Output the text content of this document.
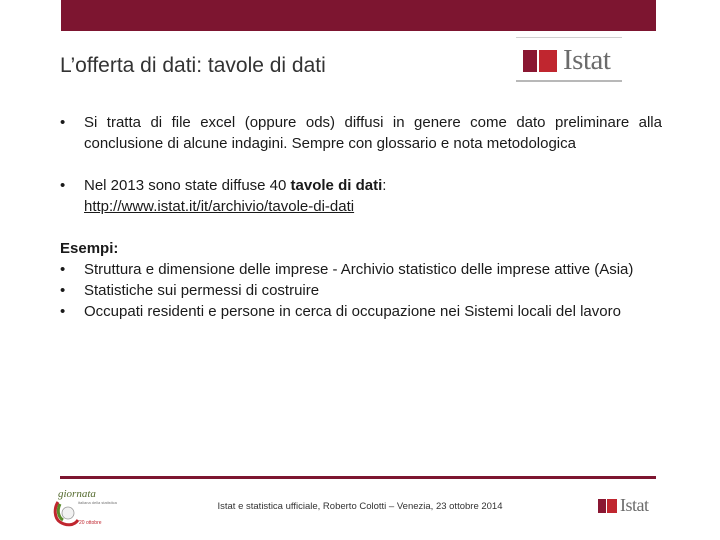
L’offerta di dati: tavole di dati	Istat
•	Si tratta di file excel (oppure ods) diffusi in genere come dato preliminare alla conclusione di alcune indagini. Sempre con glossario e nota metodologica
•	Nel 2013 sono state diffuse 40 tavole di dati:
http://www.istat.it/it/archivio/tavole-di-dati
Esempi:
•	Struttura e dimensione delle imprese - Archivio statistico delle imprese attive (Asia)
•	Statistiche sui permessi di costruire
•	Occupati residenti e persone in cerca di occupazione nei Sistemi locali del lavoro
giornata
italiana della statistica
20 ottobre
Istat e statistica ufficiale, Roberto Colotti – Venezia, 23 ottobre 2014	Istat
